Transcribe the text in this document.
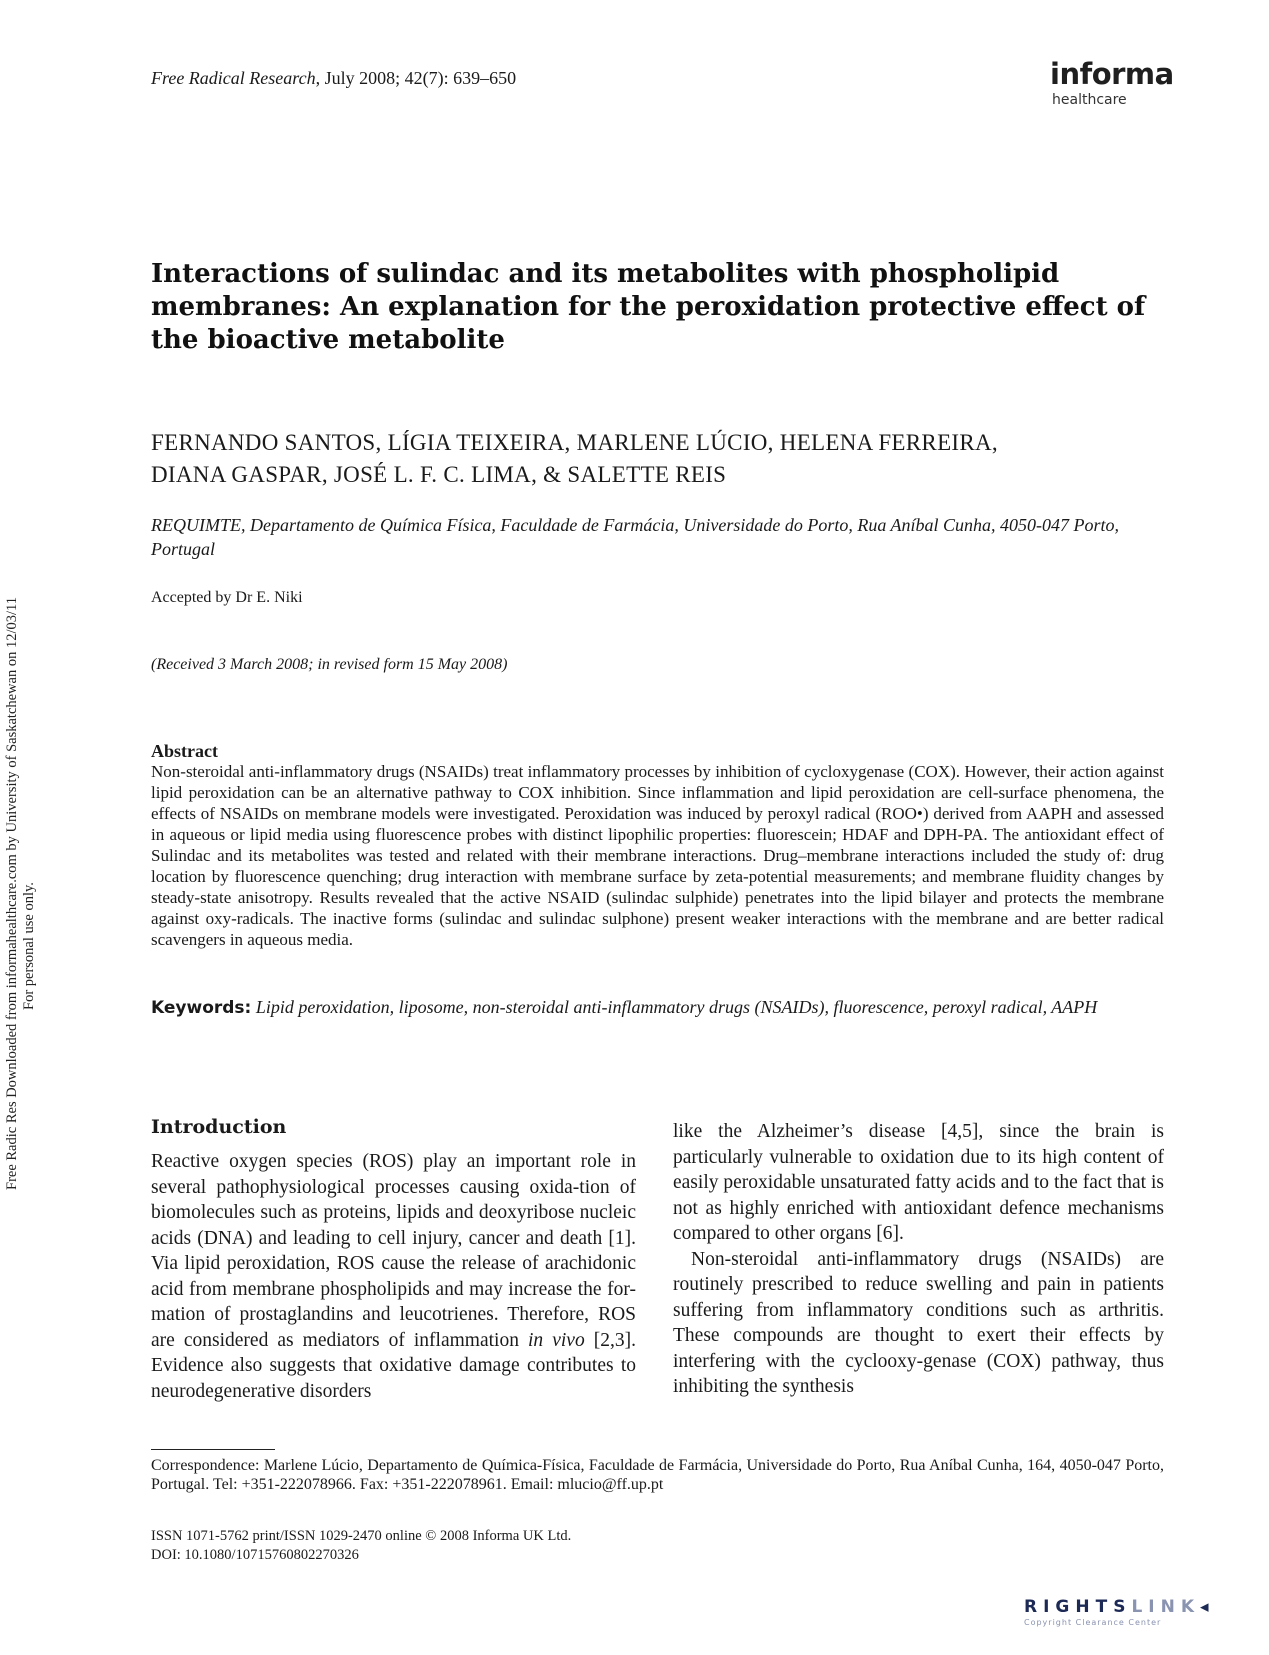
Free Radical Research, July 2008; 42(7): 639–650	informa
healthcare
Free Radic Res Downloaded from informahealthcare.com by University of Saskatchewan on 12/03/11 For personal use only.
Interactions of sulindac and its metabolites with phospholipid membranes: An explanation for the peroxidation protective effect of the bioactive metabolite
FERNANDO SANTOS, LÍGIA TEIXEIRA, MARLENE LÚCIO, HELENA FERREIRA,
DIANA GASPAR, JOSÉ L. F. C. LIMA, & SALETTE REIS
REQUIMTE, Departamento de Química Física, Faculdade de Farmácia, Universidade do Porto, Rua Aníbal Cunha, 4050-047 Porto, Portugal
Accepted by Dr E. Niki
(Received 3 March 2008; in revised form 15 May 2008)
Abstract
Non-steroidal anti-inflammatory drugs (NSAIDs) treat inflammatory processes by inhibition of cycloxygenase (COX). However, their action against lipid peroxidation can be an alternative pathway to COX inhibition. Since inflammation and lipid peroxidation are cell-surface phenomena, the effects of NSAIDs on membrane models were investigated. Peroxidation was induced by peroxyl radical (ROO•) derived from AAPH and assessed in aqueous or lipid media using fluorescence probes with distinct lipophilic properties: fluorescein; HDAF and DPH-PA. The antioxidant effect of Sulindac and its metabolites was tested and related with their membrane interactions. Drug–membrane interactions included the study of: drug location by fluorescence quenching; drug interaction with membrane surface by zeta-potential measurements; and membrane fluidity changes by steady-state anisotropy. Results revealed that the active NSAID (sulindac sulphide) penetrates into the lipid bilayer and protects the membrane against oxy-radicals. The inactive forms (sulindac and sulindac sulphone) present weaker interactions with the membrane and are better radical scavengers in aqueous media.
Keywords: Lipid peroxidation, liposome, non-steroidal anti-inflammatory drugs (NSAIDs), fluorescence, peroxyl radical, AAPH
Introduction
Reactive oxygen species (ROS) play an important role in several pathophysiological processes causing oxida-tion of biomolecules such as proteins, lipids and deoxyribose nucleic acids (DNA) and leading to cell injury, cancer and death [1]. Via lipid peroxidation, ROS cause the release of arachidonic acid from membrane phospholipids and may increase the for-mation of prostaglandins and leucotrienes. Therefore, ROS are considered as mediators of inflammation in vivo [2,3]. Evidence also suggests that oxidative damage contributes to neurodegenerative disorders

like the Alzheimer’s disease [4,5], since the brain is particularly vulnerable to oxidation due to its high content of easily peroxidable unsaturated fatty acids and to the fact that is not as highly enriched with antioxidant defence mechanisms compared to other organs [6].

Non-steroidal anti-inflammatory drugs (NSAIDs) are routinely prescribed to reduce swelling and pain in patients suffering from inflammatory conditions such as arthritis. These compounds are thought to exert their effects by interfering with the cyclooxy-genase (COX) pathway, thus inhibiting the synthesis

Correspondence: Marlene Lúcio, Departamento de Química-Física, Faculdade de Farmácia, Universidade do Porto, Rua Aníbal Cunha, 164, 4050-047 Porto, Portugal. Tel: +351-222078966. Fax: +351-222078961. Email: mlucio@ff.up.pt
ISSN 1071-5762 print/ISSN 1029-2470 online © 2008 Informa UK Ltd.
DOI: 10.1080/10715760802270326
RIGHTSLINK◂
Copyright Clearance Center
